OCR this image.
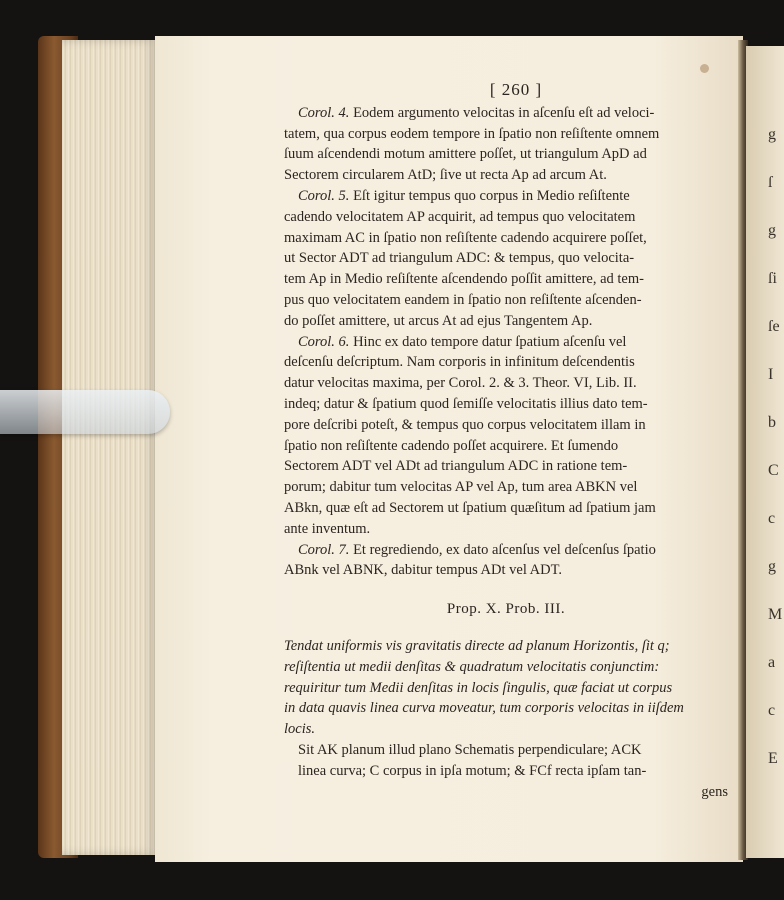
g
ſ
g
ſi
ſe
I
b
C
c
g
M
a
c
E
[ 260 ]
Corol. 4. Eodem argumento velocitas in aſcenſu eſt ad veloci-
tatem, qua corpus eodem tempore in ſpatio non reſiſtente omnem
ſuum aſcendendi motum amittere poſſet, ut triangulum ApD ad
Sectorem circularem AtD; ſive ut recta Ap ad arcum At.
Corol. 5. Eſt igitur tempus quo corpus in Medio reſiſtente
cadendo velocitatem AP acquirit, ad tempus quo velocitatem
maximam AC in ſpatio non reſiſtente cadendo acquirere poſſet,
ut Sector ADT ad triangulum ADC: & tempus, quo velocita-
tem Ap in Medio reſiſtente aſcendendo poſſit amittere, ad tem-
pus quo velocitatem eandem in ſpatio non reſiſtente aſcenden-
do poſſet amittere, ut arcus At ad ejus Tangentem Ap.
Corol. 6. Hinc ex dato tempore datur ſpatium aſcenſu vel
deſcenſu deſcriptum. Nam corporis in infinitum deſcendentis
datur velocitas maxima, per Corol. 2. & 3. Theor. VI, Lib. II.
indeq; datur & ſpatium quod ſemiſſe velocitatis illius dato tem-
pore deſcribi poteſt, & tempus quo corpus velocitatem illam in
ſpatio non reſiſtente cadendo poſſet acquirere. Et ſumendo
Sectorem ADT vel ADt ad triangulum ADC in ratione tem-
porum; dabitur tum velocitas AP vel Ap, tum area ABKN vel
ABkn, quæ eſt ad Sectorem ut ſpatium quæſitum ad ſpatium jam
ante inventum.
Corol. 7. Et regrediendo, ex dato aſcenſus vel deſcenſus ſpatio
ABnk vel ABNK, dabitur tempus ADt vel ADT.
Prop. X. Prob. III.
Tendat uniformis vis gravitatis directe ad planum Horizontis, ſit q;
reſiſtentia ut medii denſitas & quadratum velocitatis conjunctim:
requiritur tum Medii denſitas in locis ſingulis, quæ faciat ut corpus
in data quavis linea curva moveatur, tum corporis velocitas in iiſdem
locis.
Sit AK planum illud plano Schematis perpendiculare; ACK
linea curva; C corpus in ipſa motum; & FCf recta ipſam tan-
gens
